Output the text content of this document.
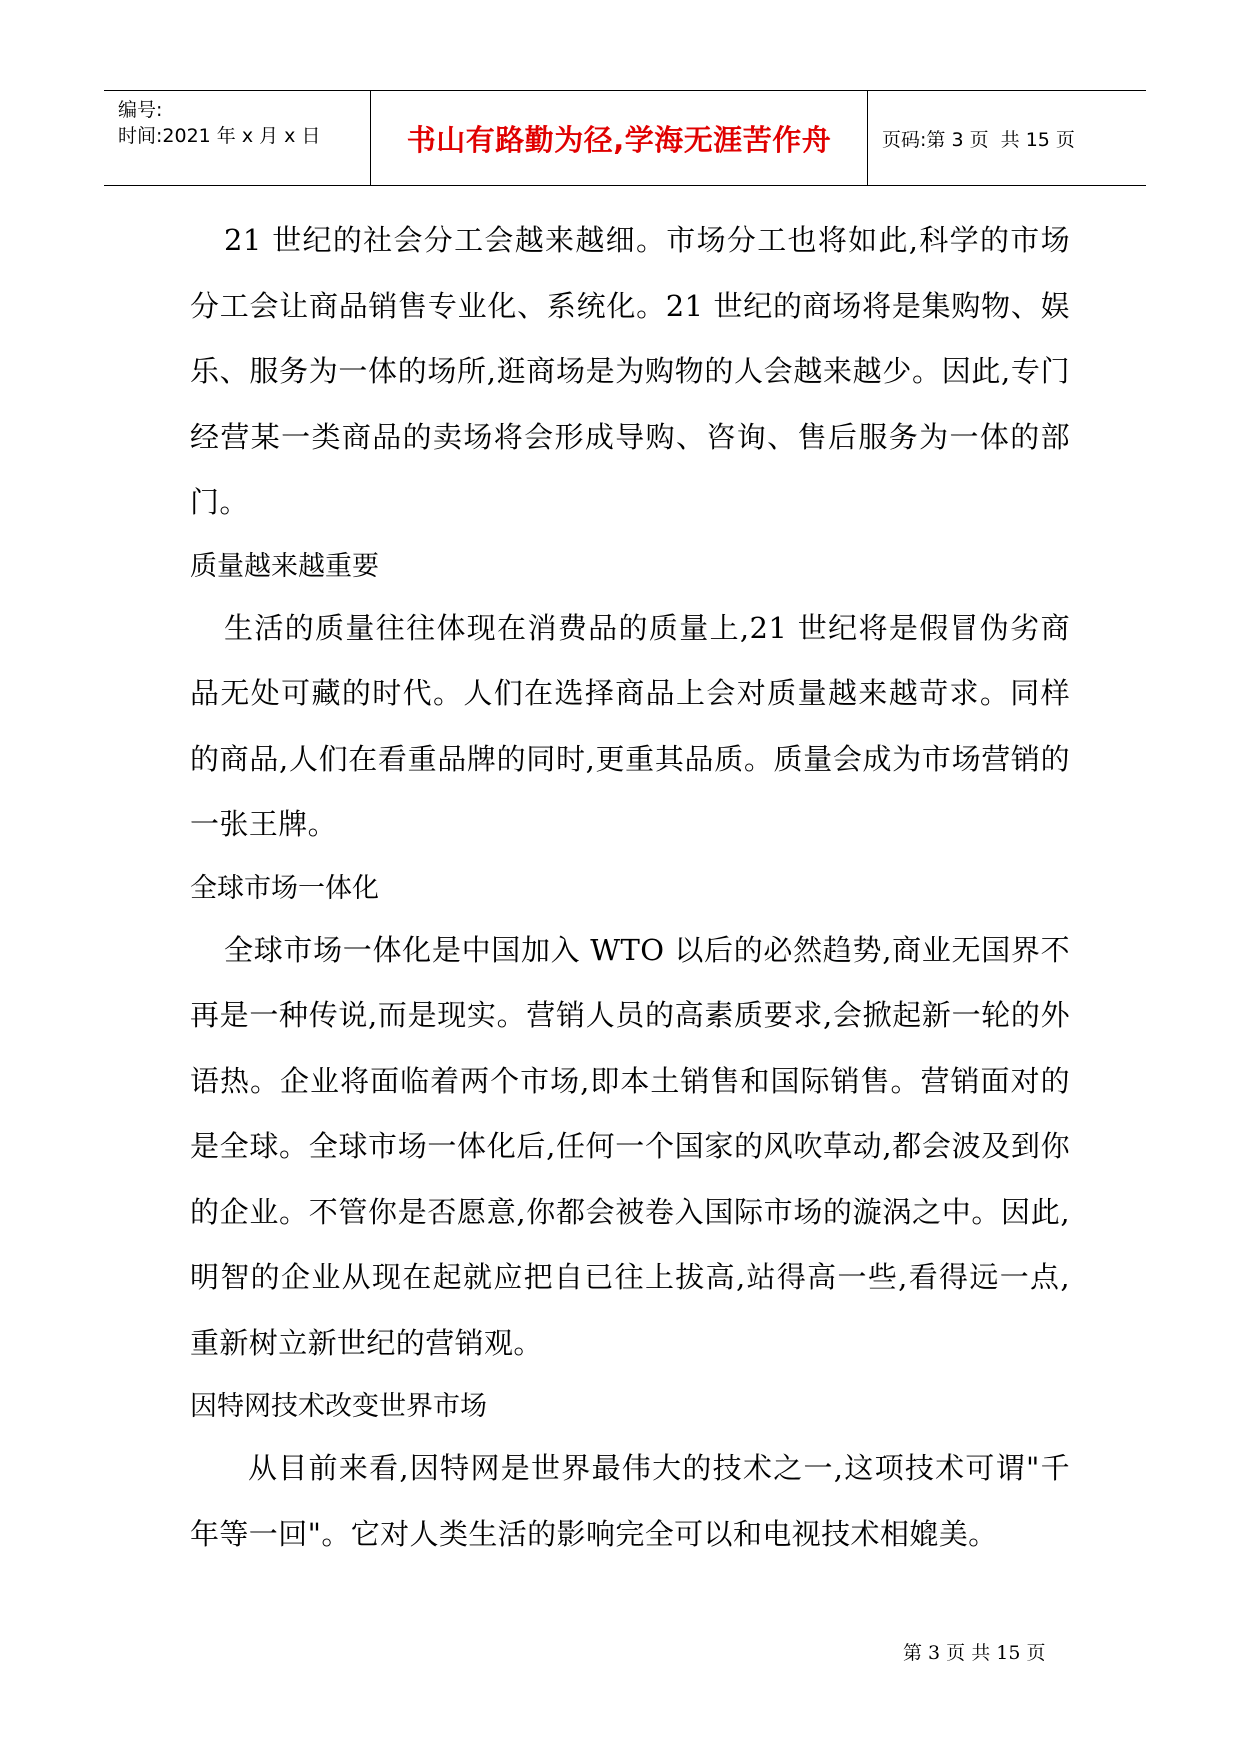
编号:
时间:2021 年 x 月 x 日	书山有路勤为径,学海无涯苦作舟	页码:第 3 页  共 15 页

21 世纪的社会分工会越来越细。市场分工也将如此,科学的市场分工会让商品销售专业化、系统化。21 世纪的商场将是集购物、娱乐、服务为一体的场所,逛商场是为购物的人会越来越少。因此,专门经营某一类商品的卖场将会形成导购、咨询、售后服务为一体的部门。

质量越来越重要

生活的质量往往体现在消费品的质量上,21 世纪将是假冒伪劣商品无处可藏的时代。人们在选择商品上会对质量越来越苛求。同样的商品,人们在看重品牌的同时,更重其品质。质量会成为市场营销的一张王牌。

全球市场一体化

全球市场一体化是中国加入 WTO 以后的必然趋势,商业无国界不再是一种传说,而是现实。营销人员的高素质要求,会掀起新一轮的外语热。企业将面临着两个市场,即本土销售和国际销售。营销面对的是全球。全球市场一体化后,任何一个国家的风吹草动,都会波及到你的企业。不管你是否愿意,你都会被卷入国际市场的漩涡之中。因此,明智的企业从现在起就应把自已往上拔高,站得高一些,看得远一点,重新树立新世纪的营销观。

因特网技术改变世界市场

从目前来看,因特网是世界最伟大的技术之一,这项技术可谓"千年等一回"。它对人类生活的影响完全可以和电视技术相媲美。

第 3 页 共 15 页
